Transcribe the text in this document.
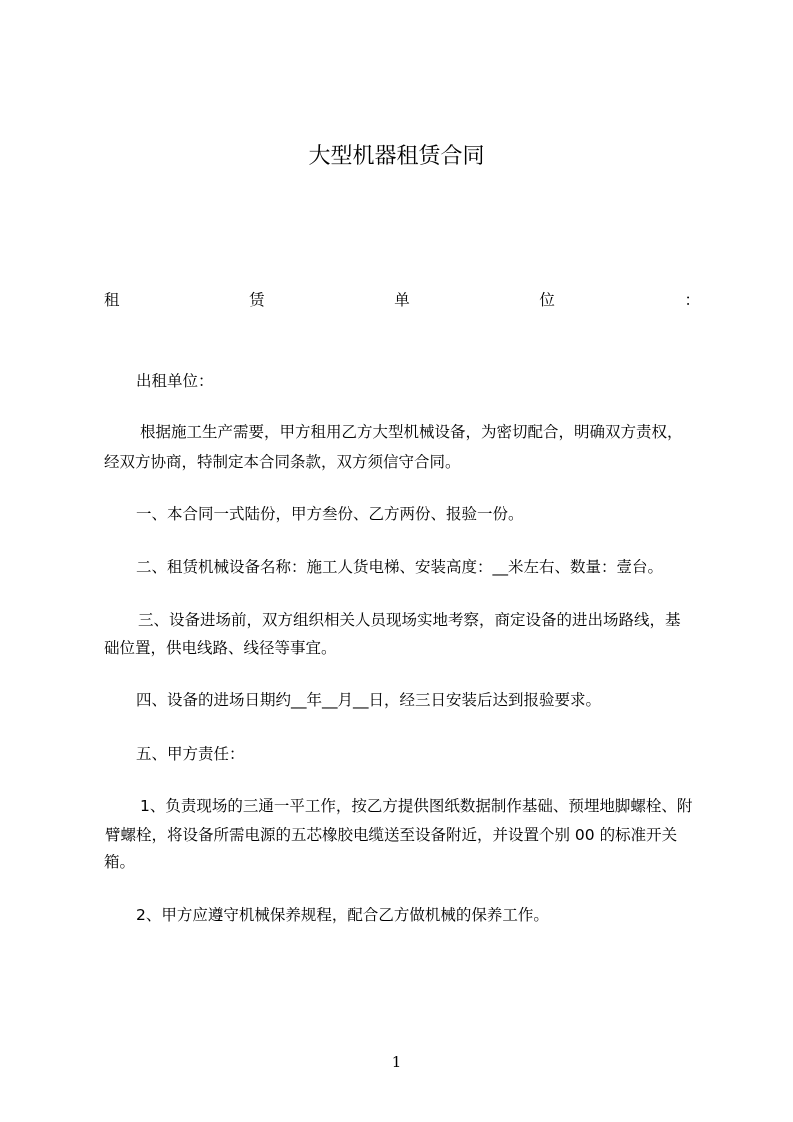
大型机器租赁合同
租	赁	单	位	：
出租单位：
根据施工生产需要，甲方租用乙方大型机械设备，为密切配合，明确双方责权，
经双方协商，特制定本合同条款，双方须信守合同。
一、本合同一式陆份，甲方叁份、乙方两份、报验一份。
二、租赁机械设备名称：施工人货电梯、安装高度：__米左右、数量：壹台。
三、设备进场前，双方组织相关人员现场实地考察，商定设备的进出场路线，基
础位置，供电线路、线径等事宜。
四、设备的进场日期约__年__月__日，经三日安装后达到报验要求。
五、甲方责任：
1、负责现场的三通一平工作，按乙方提供图纸数据制作基础、预埋地脚螺栓、附
臂螺栓，将设备所需电源的五芯橡胶电缆送至设备附近，并设置个别 00 的标准开关
箱。
2、甲方应遵守机械保养规程，配合乙方做机械的保养工作。
1
